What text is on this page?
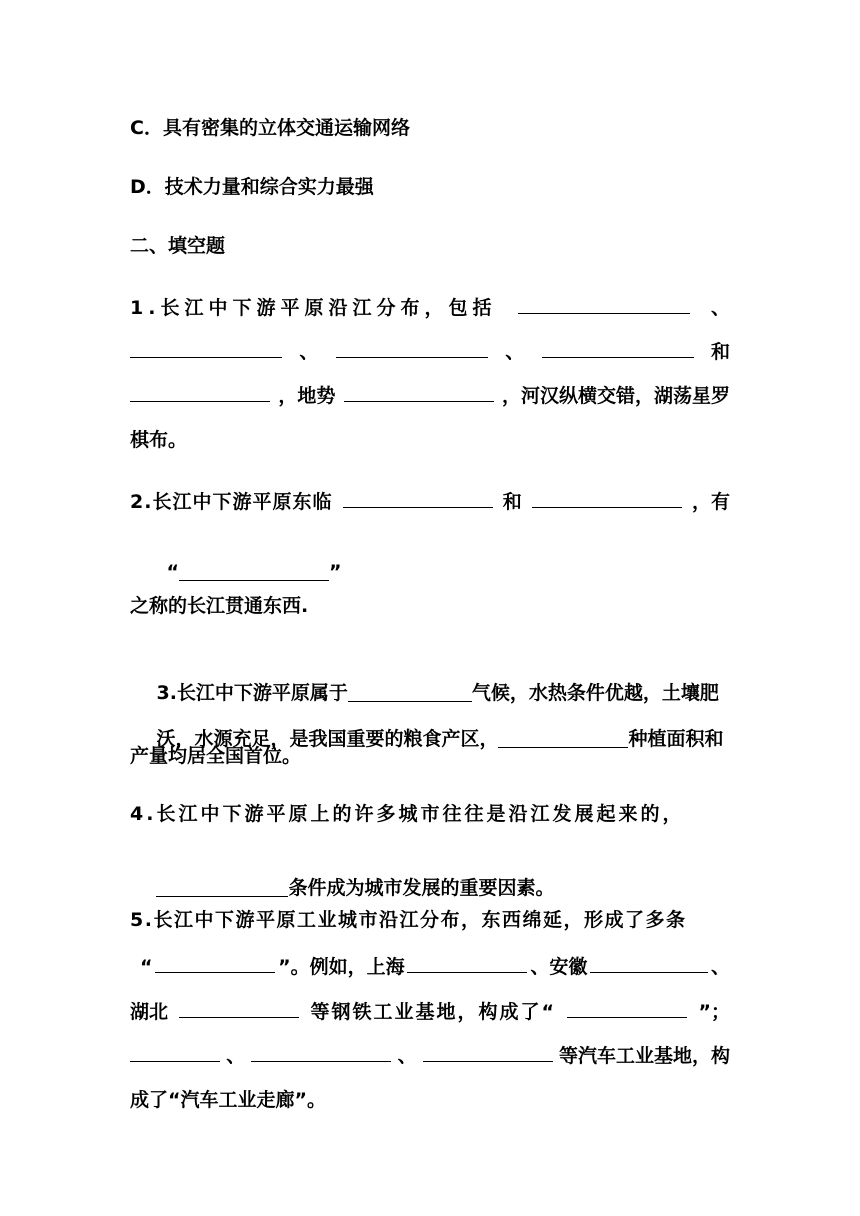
C．具有密集的立体交通运输网络
D．技术力量和综合实力最强
二、填空题
1.长江中下游平原沿江分布，包括	、
、	、	和
，地势	，河汉纵横交错，湖荡星罗
棋布。
2.长江中下游平原东临	和	，有

“	”

之称的长江贯通东西.

3.长江中下游平原属于	气候，水热条件优越，土壤肥

沃，水源充足，是我国重要的粮食产区，	种植面积和

产量均居全国首位。
4.长江中下游平原上的许多城市往往是沿江发展起来的，

条件成为城市发展的重要因素。

5.长江中下游平原工业城市沿江分布，东西绵延，形成了多条
“	”。例如，上海	、安徽	、
湖北	等钢铁工业基地，构成了“	”；
、	、	等汽车工业基地，构
成了“汽车工业走廊”。
